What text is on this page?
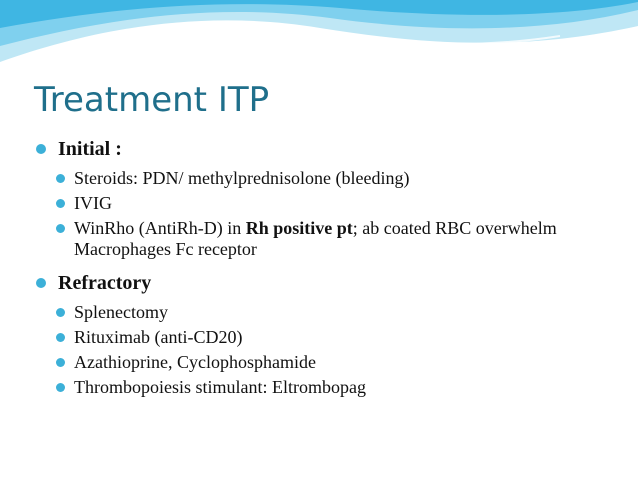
Treatment ITP
Initial :
Steroids: PDN/ methylprednisolone (bleeding)
IVIG
WinRho (AntiRh-D) in Rh positive pt; ab coated RBC overwhelm Macrophages Fc receptor
Refractory
Splenectomy
Rituximab (anti-CD20)
Azathioprine, Cyclophosphamide
Thrombopoiesis stimulant: Eltrombopag
